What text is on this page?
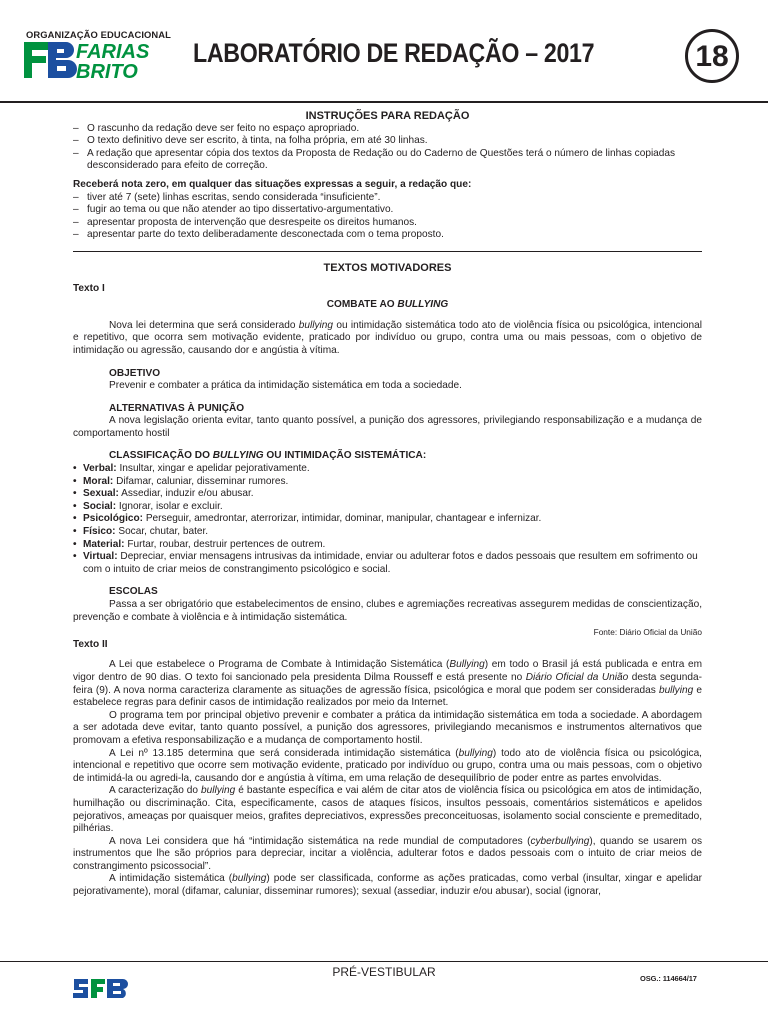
ORGANIZAÇÃO EDUCACIONAL
FARIAS
BRITO
LABORATÓRIO DE REDAÇÃO – 2017	18
INSTRUÇÕES PARA REDAÇÃO
– O rascunho da redação deve ser feito no espaço apropriado.
– O texto definitivo deve ser escrito, à tinta, na folha própria, em até 30 linhas.
– A redação que apresentar cópia dos textos da Proposta de Redação ou do Caderno de Questões terá o número de linhas copiadas desconsiderado para efeito de correção.
Receberá nota zero, em qualquer das situações expressas a seguir, a redação que:
– tiver até 7 (sete) linhas escritas, sendo considerada “insuficiente”.
– fugir ao tema ou que não atender ao tipo dissertativo-argumentativo.
– apresentar proposta de intervenção que desrespeite os direitos humanos.
– apresentar parte do texto deliberadamente desconectada com o tema proposto.
TEXTOS MOTIVADORES
Texto I
COMBATE AO BULLYING

Nova lei determina que será considerado bullying ou intimidação sistemática todo ato de violência física ou psicológica, intencional e repetitivo, que ocorra sem motivação evidente, praticado por indivíduo ou grupo, contra uma ou mais pessoas, com o objetivo de intimidação ou agressão, causando dor e angústia à vítima.

OBJETIVO

Prevenir e combater a prática da intimidação sistemática em toda a sociedade.

ALTERNATIVAS À PUNIÇÃO

A nova legislação orienta evitar, tanto quanto possível, a punição dos agressores, privilegiando responsabilização e a mudança de comportamento hostil

CLASSIFICAÇÃO DO BULLYING OU INTIMIDAÇÃO SISTEMÁTICA:
• Verbal: Insultar, xingar e apelidar pejorativamente.
• Moral: Difamar, caluniar, disseminar rumores.
• Sexual: Assediar, induzir e/ou abusar.
• Social: Ignorar, isolar e excluir.
• Psicológico: Perseguir, amedrontar, aterrorizar, intimidar, dominar, manipular, chantagear e infernizar.
• Físico: Socar, chutar, bater.
• Material: Furtar, roubar, destruir pertences de outrem.
• Virtual: Depreciar, enviar mensagens intrusivas da intimidade, enviar ou adulterar fotos e dados pessoais que resultem em sofrimento ou com o intuito de criar meios de constrangimento psicológico e social.
ESCOLAS

Passa a ser obrigatório que estabelecimentos de ensino, clubes e agremiações recreativas assegurem medidas de conscientização, prevenção e combate à violência e à intimidação sistemática.

Fonte: Diário Oficial da União
Texto II

A Lei que estabelece o Programa de Combate à Intimidação Sistemática (Bullying) em todo o Brasil já está publicada e entra em vigor dentro de 90 dias. O texto foi sancionado pela presidenta Dilma Rousseff e está presente no Diário Oficial da União desta segunda-feira (9). A nova norma caracteriza claramente as situações de agressão física, psicológica e moral que podem ser consideradas bullying e estabelece regras para definir casos de intimidação realizados por meio da Internet.

O programa tem por principal objetivo prevenir e combater a prática da intimidação sistemática em toda a sociedade. A abordagem a ser adotada deve evitar, tanto quanto possível, a punição dos agressores, privilegiando mecanismos e instrumentos alternativos que promovam a efetiva responsabilização e a mudança de comportamento hostil.

A Lei nº 13.185 determina que será considerada intimidação sistemática (bullying) todo ato de violência física ou psicológica, intencional e repetitivo que ocorre sem motivação evidente, praticado por indivíduo ou grupo, contra uma ou mais pessoas, com o objetivo de intimidá-la ou agredi-la, causando dor e angústia à vítima, em uma relação de desequilíbrio de poder entre as partes envolvidas.

A caracterização do bullying é bastante específica e vai além de citar atos de violência física ou psicológica em atos de intimidação, humilhação ou discriminação. Cita, especificamente, casos de ataques físicos, insultos pessoais, comentários sistemáticos e apelidos pejorativos, ameaças por quaisquer meios, grafites depreciativos, expressões preconceituosas, isolamento social consciente e premeditado, pilhérias.

A nova Lei considera que há “intimidação sistemática na rede mundial de computadores (cyberbullying), quando se usarem os instrumentos que lhe são próprios para depreciar, incitar a violência, adulterar fotos e dados pessoais com o intuito de criar meios de constrangimento psicossocial”.

A intimidação sistemática (bullying) pode ser classificada, conforme as ações praticadas, como verbal (insultar, xingar e apelidar pejorativamente), moral (difamar, caluniar, disseminar rumores); sexual (assediar, induzir e/ou abusar), social (ignorar,

PRÉ-VESTIBULAR	OSG.: 114664/17
